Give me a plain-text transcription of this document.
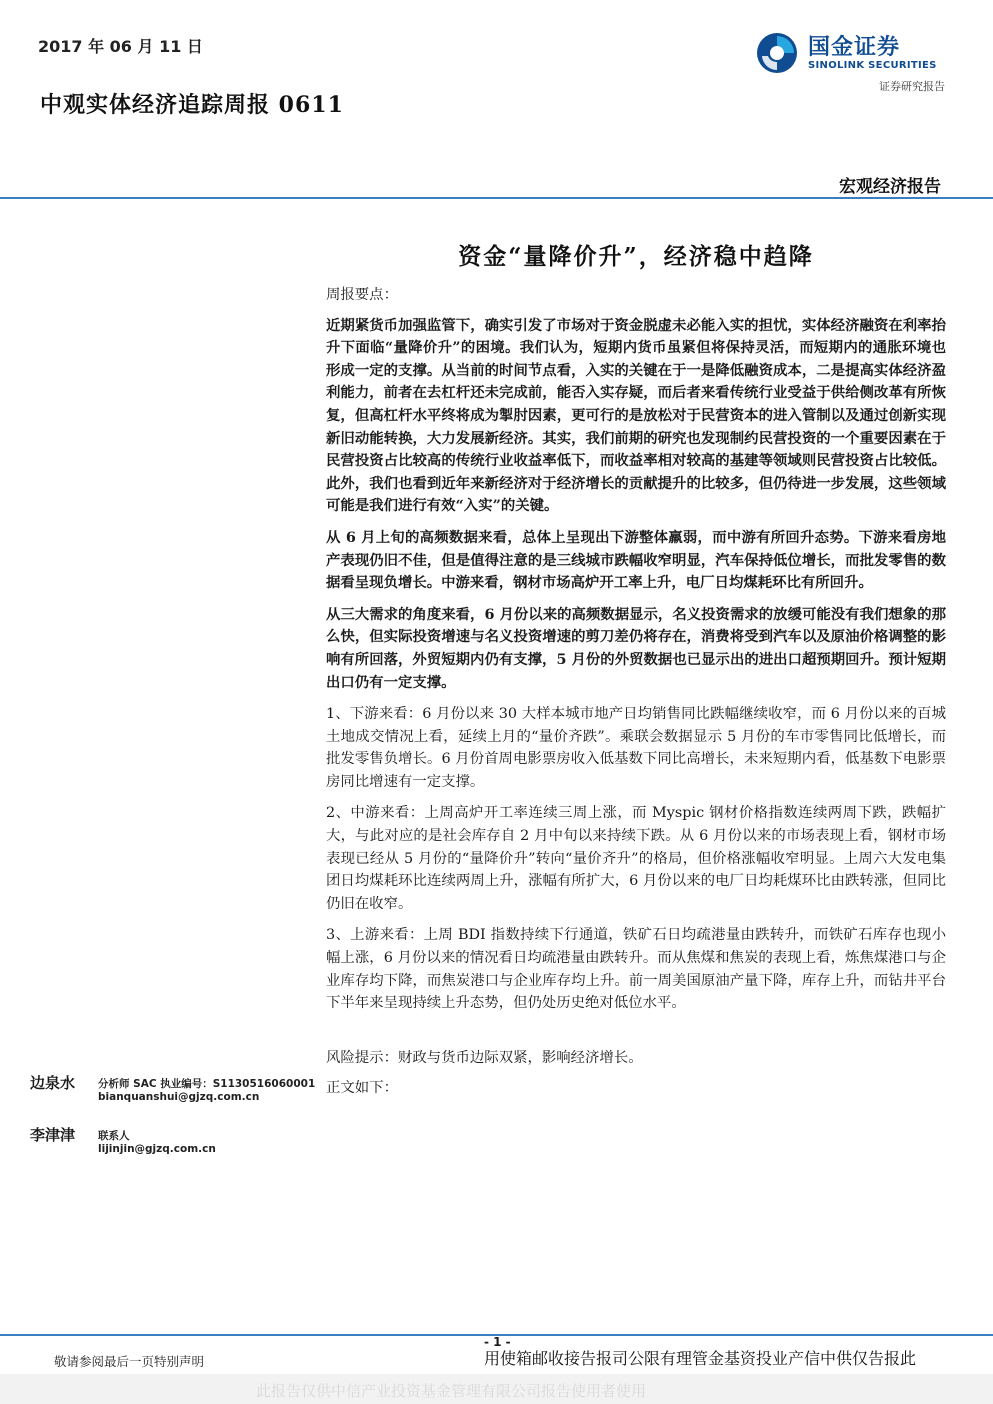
2017 年 06 月 11 日
中观实体经济追踪周报 0611
国金证券
SINOLINK SECURITIES
证券研究报告
宏观经济报告
资金“量降价升”，经济稳中趋降

周报要点：

近期紧货币加强监管下，确实引发了市场对于资金脱虚未必能入实的担忧，实体经济融资在利率抬升下面临“量降价升”的困境。我们认为，短期内货币虽紧但将保持灵活，而短期内的通胀环境也形成一定的支撑。从当前的时间节点看，入实的关键在于一是降低融资成本，二是提高实体经济盈利能力，前者在去杠杆还未完成前，能否入实存疑，而后者来看传统行业受益于供给侧改革有所恢复，但高杠杆水平终将成为掣肘因素，更可行的是放松对于民营资本的进入管制以及通过创新实现新旧动能转换，大力发展新经济。其实，我们前期的研究也发现制约民营投资的一个重要因素在于民营投资占比较高的传统行业收益率低下，而收益率相对较高的基建等领域则民营投资占比较低。此外，我们也看到近年来新经济对于经济增长的贡献提升的比较多，但仍待进一步发展，这些领域可能是我们进行有效“入实”的关键。

从 6 月上旬的高频数据来看，总体上呈现出下游整体羸弱，而中游有所回升态势。下游来看房地产表现仍旧不佳，但是值得注意的是三线城市跌幅收窄明显，汽车保持低位增长，而批发零售的数据看呈现负增长。中游来看，钢材市场高炉开工率上升，电厂日均煤耗环比有所回升。

从三大需求的角度来看，6 月份以来的高频数据显示，名义投资需求的放缓可能没有我们想象的那么快，但实际投资增速与名义投资增速的剪刀差仍将存在，消费将受到汽车以及原油价格调整的影响有所回落，外贸短期内仍有支撑，5 月份的外贸数据也已显示出的进出口超预期回升。预计短期出口仍有一定支撑。

1、下游来看：6 月份以来 30 大样本城市地产日均销售同比跌幅继续收窄，而 6 月份以来的百城土地成交情况上看，延续上月的“量价齐跌”。乘联会数据显示 5 月份的车市零售同比低增长，而批发零售负增长。6 月份首周电影票房收入低基数下同比高增长，未来短期内看，低基数下电影票房同比增速有一定支撑。

2、中游来看：上周高炉开工率连续三周上涨，而 Myspic 钢材价格指数连续两周下跌，跌幅扩大，与此对应的是社会库存自 2 月中旬以来持续下跌。从 6 月份以来的市场表现上看，钢材市场表现已经从 5 月份的“量降价升”转向“量价齐升”的格局，但价格涨幅收窄明显。上周六大发电集团日均煤耗环比连续两周上升，涨幅有所扩大，6 月份以来的电厂日均耗煤环比由跌转涨，但同比仍旧在收窄。

3、上游来看：上周 BDI 指数持续下行通道，铁矿石日均疏港量由跌转升，而铁矿石库存也现小幅上涨，6 月份以来的情况看日均疏港量由跌转升。而从焦煤和焦炭的表现上看，炼焦煤港口与企业库存均下降，而焦炭港口与企业库存均上升。前一周美国原油产量下降，库存上升，而钻井平台下半年来呈现持续上升态势，但仍处历史绝对低位水平。

风险提示：财政与货币边际双紧，影响经济增长。

正文如下：

边泉水 分析师 SAC 执业编号：S1130516060001
bianquanshui@gjzq.com.cn
李津津 联系人
lijinjin@gjzq.com.cn
- 1 -
敬请参阅最后一页特别声明	用使箱邮收接告报司公限有理管金基资投业产信中供仅告报此
此报告仅供中信产业投资基金管理有限公司报告使用者使用
